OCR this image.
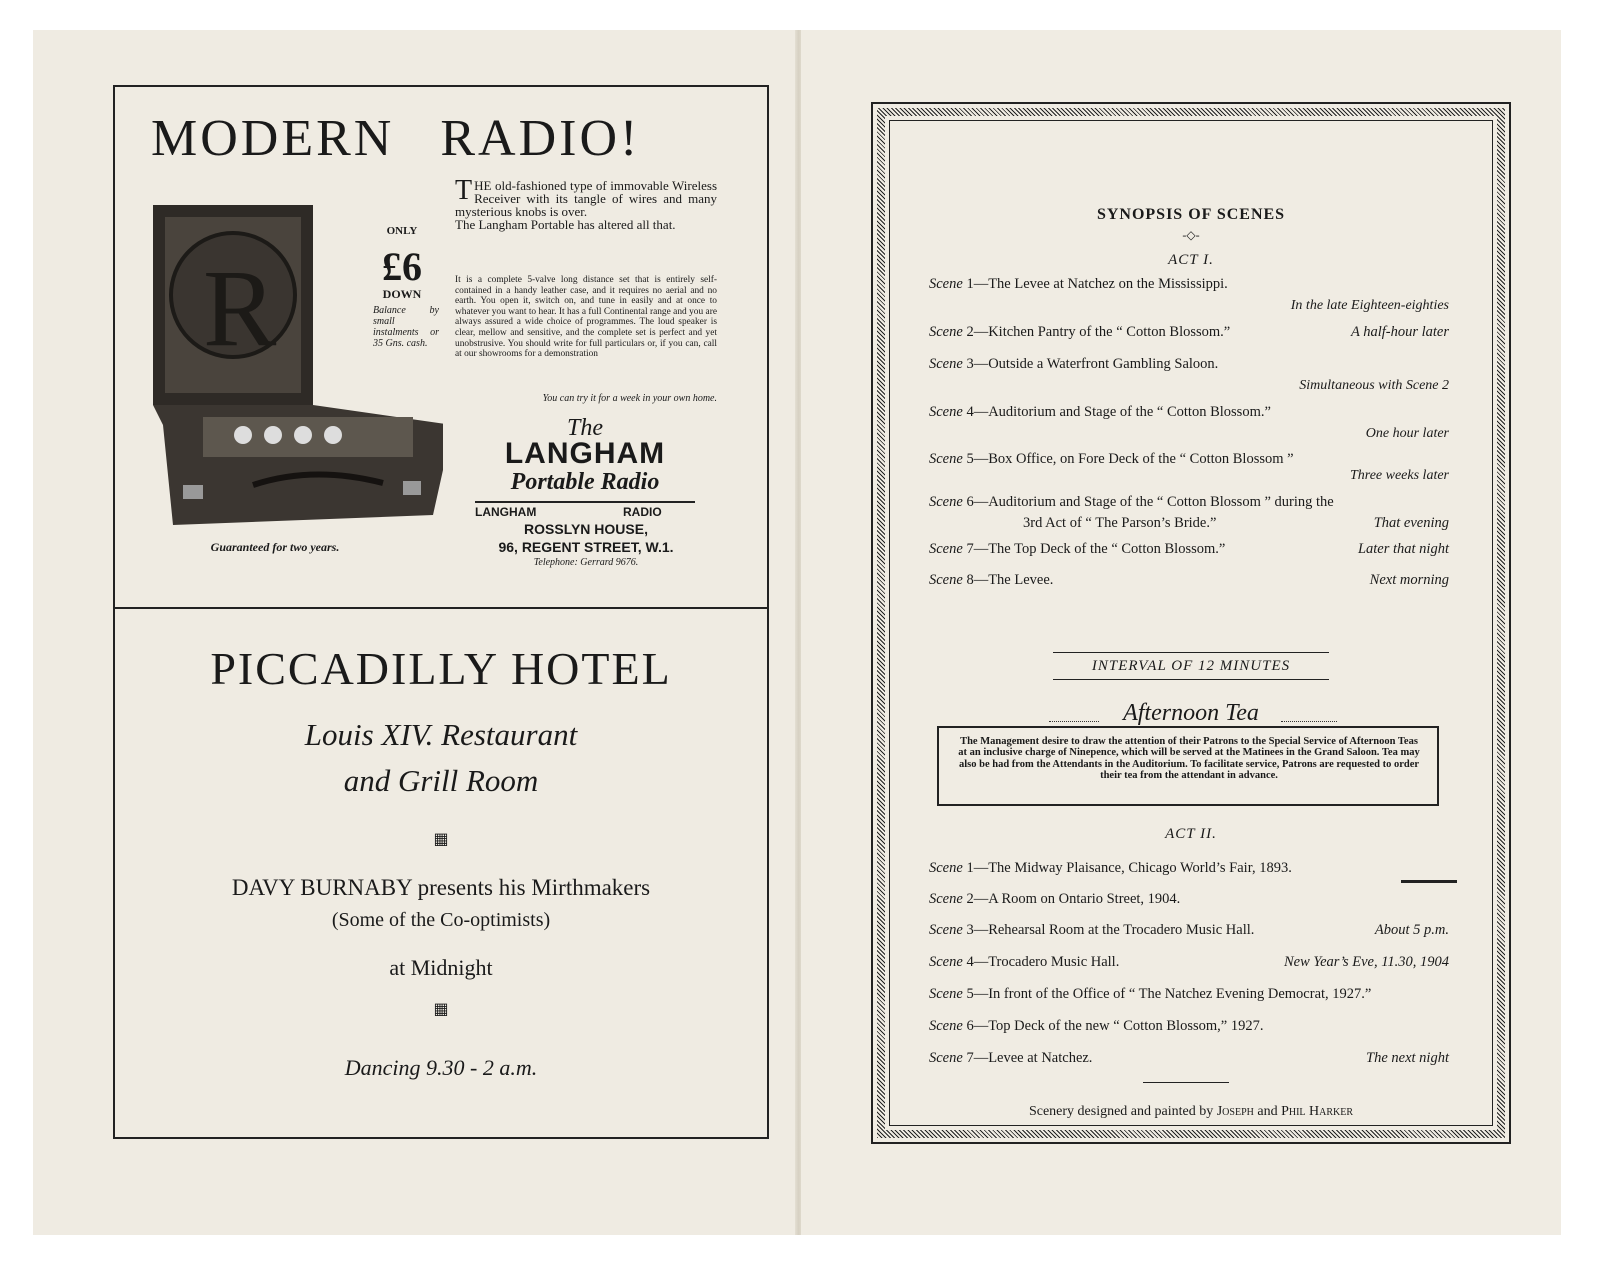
MODERN RADIO!
R
ONLY
£6
DOWN
Balance by small instalments or 35 Gns. cash.
Guaranteed for two years.
T HE old-fashioned type of immovable Wireless Receiver with its tangle of wires and many mysterious knobs is over.

The Langham Portable has altered all that.

It is a complete 5-valve long distance set that is entirely self-contained in a handy leather case, and it requires no aerial and no earth. You open it, switch on, and tune in easily and at once to whatever you want to hear. It has a full Continental range and you are always assured a wide choice of programmes. The loud speaker is clear, mellow and sensitive, and the complete set is perfect and yet unobstrusive. You should write for full particulars or, if you can, call at our showrooms for a demonstration
You can try it for a week in your own home.
The
LANGHAM
Portable Radio
LANGHAM	RADIO
ROSSLYN HOUSE,
96, REGENT STREET, W.1.
Telephone: Gerrard 9676.
PICCADILLY HOTEL
Louis XIV. Restaurant
and Grill Room
▦
DAVY BURNABY presents his Mirthmakers
(Some of the Co-optimists)
at Midnight
▦
Dancing 9.30 - 2 a.m.
SYNOPSIS OF SCENES
-◇-
ACT I.
Scene 1—The Levee at Natchez on the Mississippi.
In the late Eighteen-eighties
Scene 2—Kitchen Pantry of the “ Cotton Blossom.”	A half-hour later
Scene 3—Outside a Waterfront Gambling Saloon.
Simultaneous with Scene 2
Scene 4—Auditorium and Stage of the “ Cotton Blossom.”
One hour later
Scene 5—Box Office, on Fore Deck of the “ Cotton Blossom ”
Three weeks later
Scene 6—Auditorium and Stage of the “ Cotton Blossom ” during the
3rd Act of “ The Parson’s Bride.”	That evening
Scene 7—The Top Deck of the “ Cotton Blossom.”	Later that night
Scene 8—The Levee.	Next morning
INTERVAL OF 12 MINUTES
Afternoon Tea
The Management desire to draw the attention of their Patrons to the Special Service of Afternoon Teas at an inclusive charge of Ninepence, which will be served at the Matinees in the Grand Saloon. Tea may also be had from the Attendants in the Auditorium. To facilitate service, Patrons are requested to order their tea from the attendant in advance.
ACT II.
Scene 1—The Midway Plaisance, Chicago World’s Fair, 1893.
Scene 2—A Room on Ontario Street, 1904.
Scene 3—Rehearsal Room at the Trocadero Music Hall.	About 5 p.m.
Scene 4—Trocadero Music Hall.	New Year’s Eve, 11.30, 1904
Scene 5—In front of the Office of “ The Natchez Evening Democrat, 1927.”
Scene 6—Top Deck of the new “ Cotton Blossom,” 1927.
Scene 7—Levee at Natchez.	The next night
Scenery designed and painted by Joseph and Phil Harker
